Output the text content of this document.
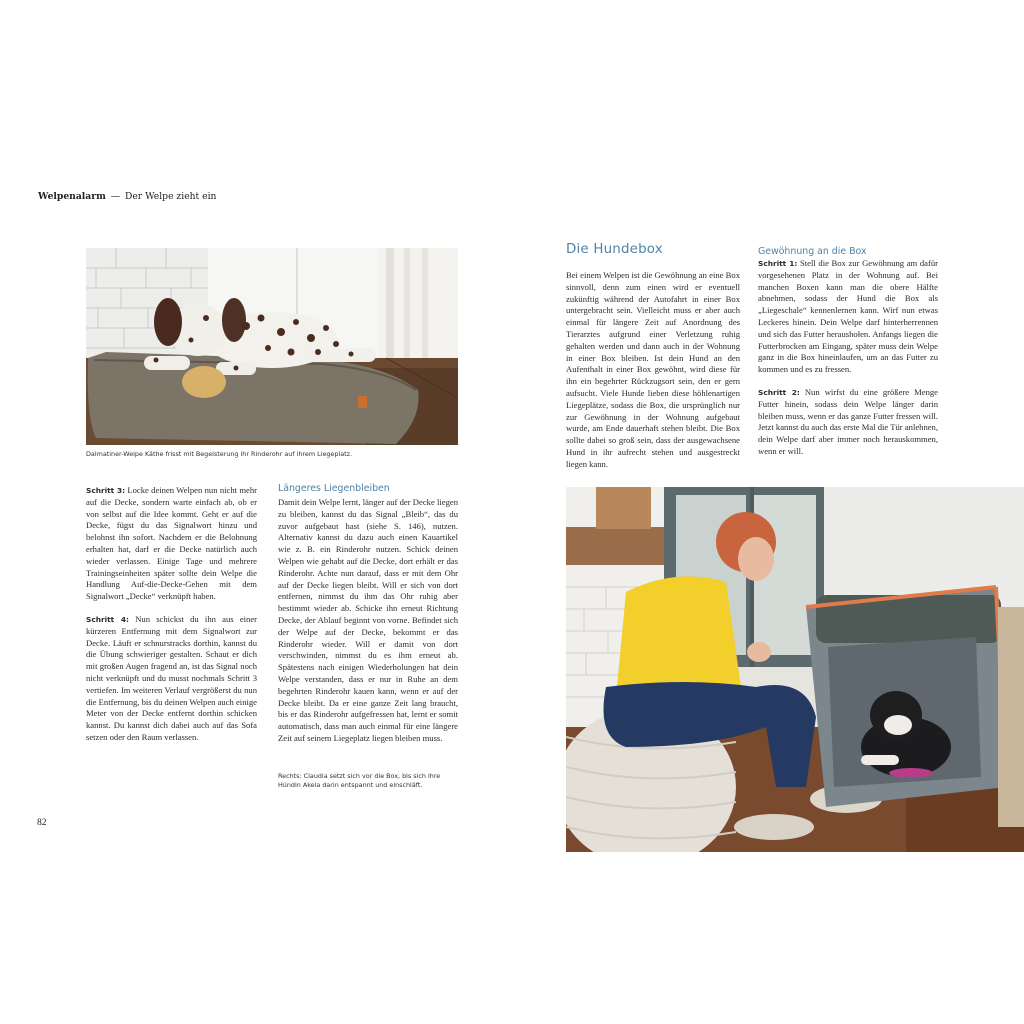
Welpenalarm — Der Welpe zieht ein
Dalmatiner-Welpe Käthe frisst mit Begeisterung ihr Rinderohr auf ihrem Liegeplatz.

Schritt 3: Locke deinen Welpen nun nicht mehr auf die Decke, sondern warte einfach ab, ob er von selbst auf die Idee kommt. Geht er auf die Decke, fügst du das Signalwort hinzu und belohnst ihn sofort. Nachdem er die Belohnung erhalten hat, darf er die Decke natürlich auch wieder verlassen. Einige Tage und mehrere Trainingseinheiten später sollte dein Welpe die Handlung Auf-die-Decke-Gehen mit dem Signalwort „Decke“ verknüpft haben.

Schritt 4: Nun schickst du ihn aus einer kürzeren Entfernung mit dem Signalwort zur Decke. Läuft er schnurstracks dorthin, kannst du die Übung schwieriger gestalten. Schaut er dich mit großen Augen fragend an, ist das Signal noch nicht verknüpft und du musst nochmals Schritt 3 vertiefen. Im weiteren Verlauf vergrößerst du nun die Entfernung, bis du deinen Welpen auch einige Meter von der Decke entfernt dorthin schicken kannst. Du kannst dich dabei auch auf das Sofa setzen oder den Raum verlassen.

Längeres Liegenbleiben

Damit dein Welpe lernt, länger auf der Decke liegen zu bleiben, kannst du das Signal „Bleib“, das du zuvor aufgebaut hast (siehe S. 146), nutzen. Alternativ kannst du dazu auch einen Kauartikel wie z. B. ein Rinderohr nutzen. Schick deinen Welpen wie gehabt auf die Decke, dort erhält er das Rinderohr. Achte nun darauf, dass er mit dem Ohr auf der Decke liegen bleibt. Will er sich von dort entfernen, nimmst du ihm das Ohr ruhig aber bestimmt wieder ab. Schicke ihn erneut Richtung Decke, der Ablauf beginnt von vorne. Befindet sich der Welpe auf der Decke, bekommt er das Rinderohr wieder. Will er damit von dort verschwinden, nimmst du es ihm erneut ab. Spätestens nach einigen Wiederholungen hat dein Welpe verstanden, dass er nur in Ruhe an dem begehrten Rinderohr kauen kann, wenn er auf der Decke bleibt. Da er eine ganze Zeit lang braucht, bis er das Rinderohr aufgefressen hat, lernt er somit automatisch, dass man auch einmal für eine längere Zeit auf seinem Liegeplatz liegen bleiben muss.

Rechts: Claudia setzt sich vor die Box, bis sich ihre Hündin Akela darin entspannt und einschläft.
82
Die Hundebox

Bei einem Welpen ist die Gewöhnung an eine Box sinnvoll, denn zum einen wird er eventuell zukünftig während der Autofahrt in einer Box untergebracht sein. Vielleicht muss er aber auch einmal für längere Zeit auf Anordnung des Tierarztes aufgrund einer Verletzung ruhig gehalten werden und dann auch in der Wohnung in einer Box bleiben. Ist dein Hund an den Aufenthalt in einer Box gewöhnt, wird diese für ihn ein begehrter Rückzugsort sein, den er gern aufsucht. Viele Hunde lieben diese höhlenartigen Liegeplätze, sodass die Box, die ursprünglich nur zur Gewöhnung in der Wohnung aufgebaut wurde, am Ende dauerhaft stehen bleibt. Die Box sollte dabei so groß sein, dass der ausgewachsene Hund in ihr aufrecht stehen und ausgestreckt liegen kann.

Gewöhnung an die Box

Schritt 1: Stell die Box zur Gewöhnung am dafür vorgesehenen Platz in der Wohnung auf. Bei manchen Boxen kann man die obere Hälfte abnehmen, sodass der Hund die Box als „Liegeschale“ kennenlernen kann. Wirf nun etwas Leckeres hinein. Dein Welpe darf hinterherrennen und sich das Futter heraushołen. Anfangs liegen die Futterbrocken am Eingang, später muss dein Welpe ganz in die Box hineinlaufen, um an das Futter zu kommen und es zu fressen.

Schritt 2: Nun wirfst du eine größere Menge Futter hinein, sodass dein Welpe länger darin bleiben muss, wenn er das ganze Futter fressen will. Jetzt kannst du auch das erste Mal die Tür anlehnen, dein Welpe darf aber immer noch herauskommen, wenn er will.
